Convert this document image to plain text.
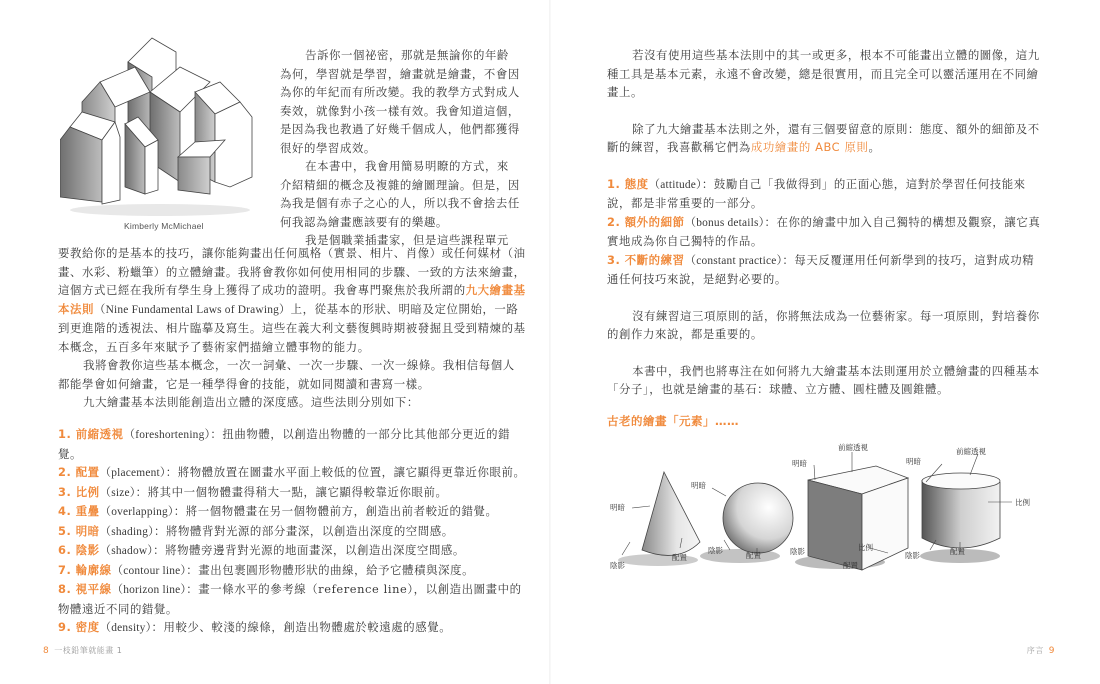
Kimberly McMichael

告訴你一個祕密，那就是無論你的年齡為何，學習就是學習，繪畫就是繪畫，不會因為你的年紀而有所改變。我的教學方式對成人奏效，就像對小孩一樣有效。我會知道這個，是因為我也教過了好幾千個成人，他們都獲得很好的學習成效。

在本書中，我會用簡易明瞭的方式，來介紹精細的概念及複雜的繪圖理論。但是，因為我是個有赤子之心的人，所以我不會捨去任何我認為繪畫應該要有的樂趣。

我是個職業插畫家，但是這些課程單元

要教給你的是基本的技巧，讓你能夠畫出任何風格（實景、相片、肖像）或任何媒材（油畫、水彩、粉蠟筆）的立體繪畫。我將會教你如何使用相同的步驟、一致的方法來繪畫，這個方式已經在我所有學生身上獲得了成功的證明。我會專門聚焦於我所謂的九大繪畫基本法則（Nine Fundamental Laws of Drawing）上，從基本的形狀、明暗及定位開始，一路到更進階的透視法、相片臨摹及寫生。這些在義大利文藝復興時期被發掘且受到精煉的基本概念，五百多年來賦予了藝術家們描繪立體事物的能力。

我將會教你這些基本概念，一次一詞彙、一次一步驟、一次一線條。我相信每個人都能學會如何繪畫，它是一種學得會的技能，就如同閱讀和書寫一樣。

九大繪畫基本法則能創造出立體的深度感。這些法則分別如下：

1. 前縮透視（foreshortening）：扭曲物體，以創造出物體的一部分比其他部分更近的錯覺。
2. 配置（placement）：將物體放置在圖畫水平面上較低的位置，讓它顯得更靠近你眼前。
3. 比例（size）：將其中一個物體畫得稍大一點，讓它顯得較靠近你眼前。
4. 重疊（overlapping）：將一個物體畫在另一個物體前方，創造出前者較近的錯覺。
5. 明暗（shading）：將物體背對光源的部分畫深，以創造出深度的空間感。
6. 陰影（shadow）：將物體旁邊背對光源的地面畫深，以創造出深度空間感。
7. 輪廓線（contour line）：畫出包裹圓形物體形狀的曲線，給予它體積與深度。
8. 視平線（horizon line）：畫一條水平的參考線（reference line），以創造出圖畫中的物體遠近不同的錯覺。
9. 密度（density）：用較少、較淺的線條，創造出物體處於較遠處的感覺。
8 一枝鉛筆就能畫 1

若沒有使用這些基本法則中的其一或更多，根本不可能畫出立體的圖像，這九種工具是基本元素，永遠不會改變，總是很實用，而且完全可以靈活運用在不同繪畫上。

除了九大繪畫基本法則之外，還有三個要留意的原則：態度、額外的細節及不斷的練習，我喜歡稱它們為成功繪畫的 ABC 原則。

1. 態度（attitude）：鼓勵自己「我做得到」的正面心態，這對於學習任何技能來說，都是非常重要的一部分。
2. 額外的細節（bonus details）：在你的繪畫中加入自己獨特的構想及觀察，讓它真實地成為你自己獨特的作品。
3. 不斷的練習（constant practice）：每天反覆運用任何新學到的技巧，這對成功精通任何技巧來說，是絕對必要的。

沒有練習這三項原則的話，你將無法成為一位藝術家。每一項原則，對培養你的創作力來說，都是重要的。

本書中，我們也將專注在如何將九大繪畫基本法則運用於立體繪畫的四種基本「分子」，也就是繪畫的基石：球體、立方體、圓柱體及圓錐體。

古老的繪畫「元素」……
明暗
陰影
配置
明暗
陰影
配置
明暗
前縮透視
陰影	比例
配置
明暗
前縮透視
比例
陰影	配置
序言 9
